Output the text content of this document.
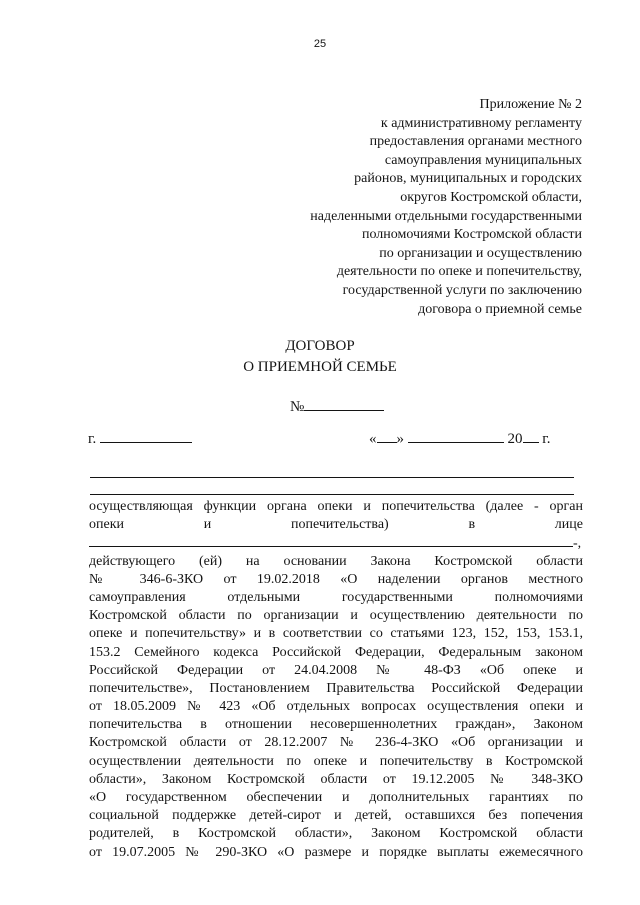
25
Приложение № 2
к административному регламенту
предоставления органами местного
самоуправления муниципальных
районов, муниципальных и городских
округов Костромской области,
наделенными отдельными государственными
полномочиями Костромской области
по организации и осуществлению
деятельности по опеке и попечительству,
государственной услуги по заключению
договора о приемной семье
ДОГОВОР
О ПРИЕМНОЙ СЕМЬЕ
№
г.	« »	20 г.
осуществляющая функции органа опеки и попечительства (далее - орган
опеки и попечительства) в лице
-,
действующего (ей) на основании Закона Костромской области
№ 346-6-ЗКО от 19.02.2018 «О наделении органов местного
самоуправления отдельными государственными полномочиями
Костромской области по организации и осуществлению деятельности по
опеке и попечительству» и в соответствии со статьями 123, 152, 153, 153.1,
153.2 Семейного кодекса Российской Федерации, Федеральным законом
Российской Федерации от 24.04.2008 № 48-ФЗ «Об опеке и
попечительстве», Постановлением Правительства Российской Федерации
от 18.05.2009 № 423 «Об отдельных вопросах осуществления опеки и
попечительства в отношении несовершеннолетних граждан», Законом
Костромской области от 28.12.2007 № 236-4-ЗКО «Об организации и
осуществлении деятельности по опеке и попечительству в Костромской
области», Законом Костромской области от 19.12.2005 № 348-ЗКО
«О государственном обеспечении и дополнительных гарантиях по
социальной поддержке детей-сирот и детей, оставшихся без попечения
родителей, в Костромской области», Законом Костромской области
от 19.07.2005 № 290-ЗКО «О размере и порядке выплаты ежемесячного
